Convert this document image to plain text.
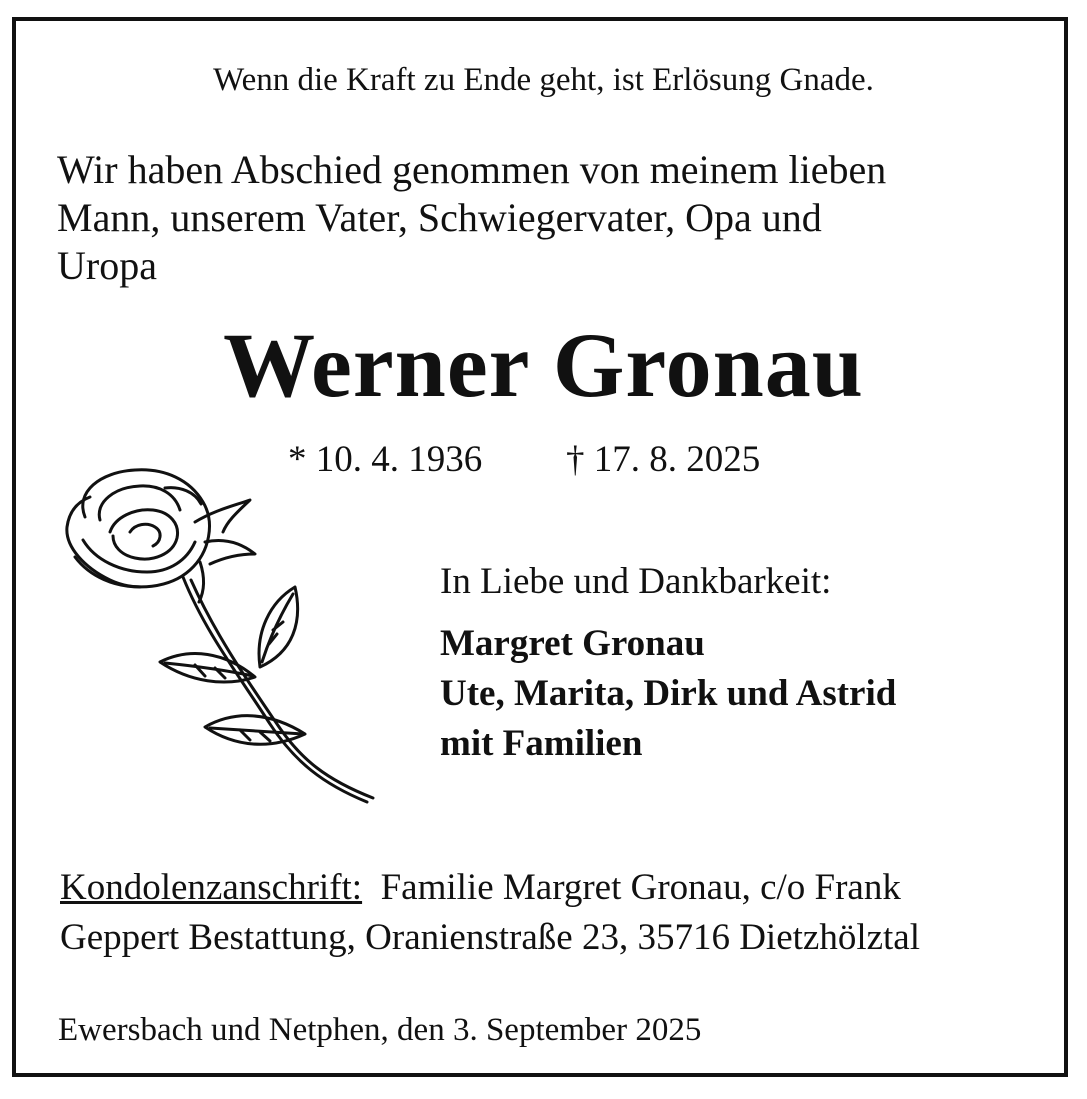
Wenn die Kraft zu Ende geht, ist Erlösung Gnade.
Wir haben Abschied genommen von meinem lieben
Mann, unserem Vater, Schwiegervater, Opa und
Uropa
Werner Gronau
* 10. 4. 1936 † 17. 8. 2025
In Liebe und Dankbarkeit:
Margret Gronau
Ute, Marita, Dirk und Astrid
mit Familien
Kondolenzanschrift: Familie Margret Gronau, c/o Frank
Geppert Bestattung, Oranienstraße 23, 35716 Dietzhölztal
Ewersbach und Netphen, den 3. September 2025
